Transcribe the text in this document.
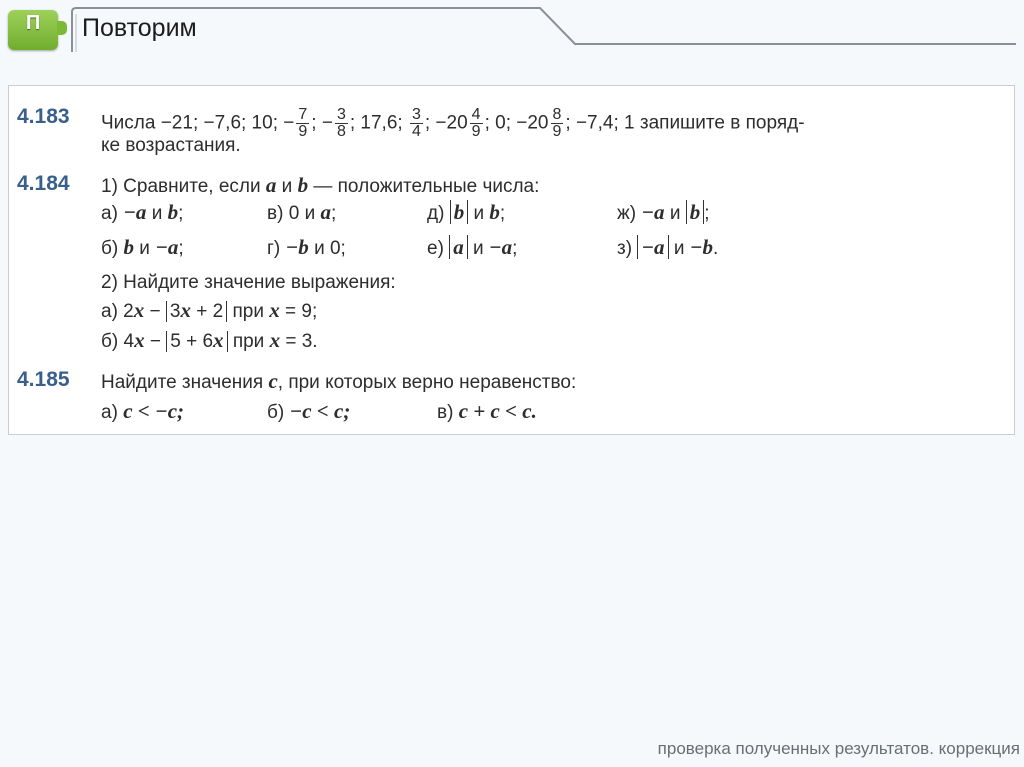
П	Повторим
4.183 Числа −21; −7,6; 10; − $\frac{7}{9}$ ; − $\frac{3}{8}$ ; 17,6; $\frac{3}{4}$ ; $-20 \frac{4}{9}$ ; 0; $-20 \frac{8}{9}$ ; −7,4; 1 запишите в поряд-
ке возрастания.
4.184 1) Сравните, если a и b — положительные числа:
а) −a и b;	в) 0 и a;	д) b и b;	ж) −a и b ;
б) b и −a;	г) −b и 0;	е) a и −a;	з) −a и −b.
2) Найдите значение выражения:
а) 2x − 3x + 2 при x = 9;
б) 4x − 5 + 6x при x = 3.
4.185 Найдите значения c, при которых верно неравенство:
а) c < −c;	б) −c < c;	в) c + c < c.
проверка полученных результатов. коррекция
